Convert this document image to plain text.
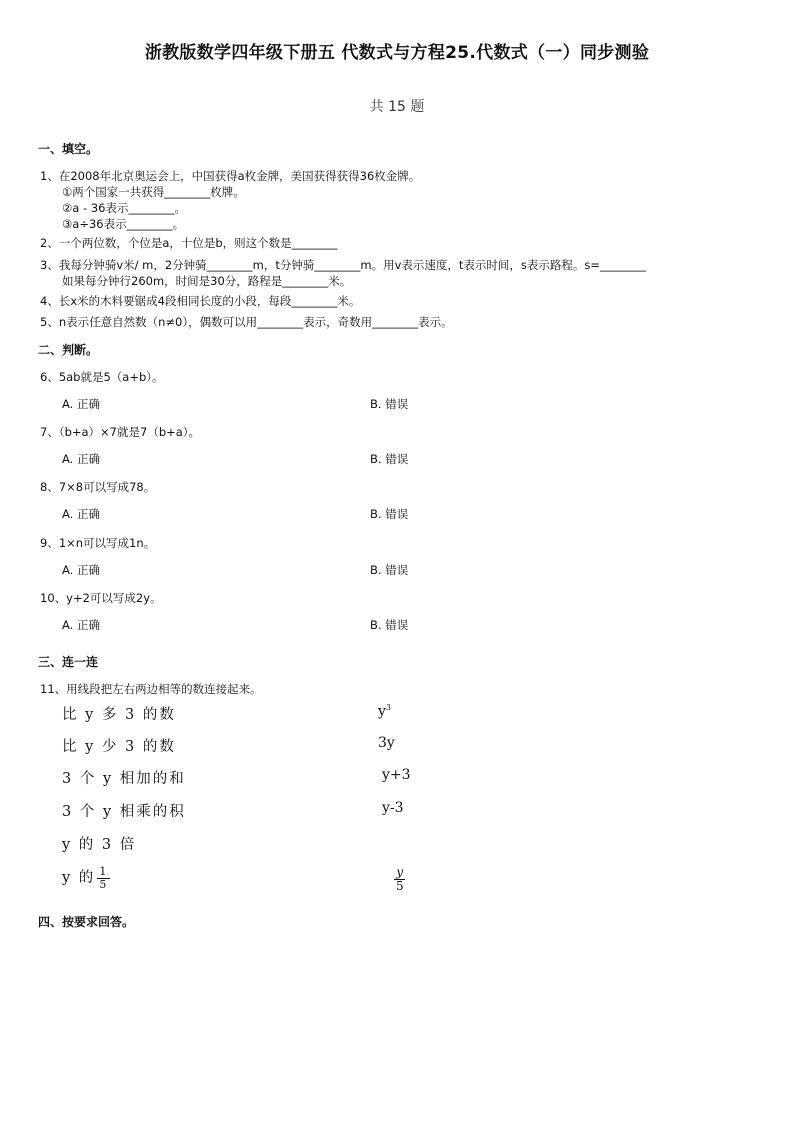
浙教版数学四年级下册五 代数式与方程25.代数式（一）同步测验
共 15 题
一、填空。
1、在2008年北京奥运会上，中国获得a枚金牌，美国获得获得36枚金牌。
①两个国家一共获得________枚牌。
②a - 36表示________。
③a÷36表示________。
2、一个两位数，个位是a，十位是b，则这个数是________
3、我每分钟骑v米/ m，2分钟骑________m，t分钟骑________m。用v表示速度，t表示时间，s表示路程。s=________
如果每分钟行260m，时间是30分，路程是________米。
4、长x米的木料要锯成4段相同长度的小段，每段________米。
5、n表示任意自然数（n≠0），偶数可以用________表示，奇数用________表示。
二、判断。
6、5ab就是5（a+b）。
A. 正确	B. 错误
7、（b+a）×7就是7（b+a）。
A. 正确	B. 错误
8、7×8可以写成78。
A. 正确	B. 错误
9、1×n可以写成1n。
A. 正确	B. 错误
10、y+2可以写成2y。
A. 正确	B. 错误
三、连一连
11、用线段把左右两边相等的数连接起来。
比 y 多 3 的数
比 y 少 3 的数
3 个 y 相加的和
3 个 y 相乘的积
y 的 3 倍
y 的 $\frac{1}{5}$
$y^3$
3y
y+3
y-3
$\frac{y}{5}$
四、按要求回答。
